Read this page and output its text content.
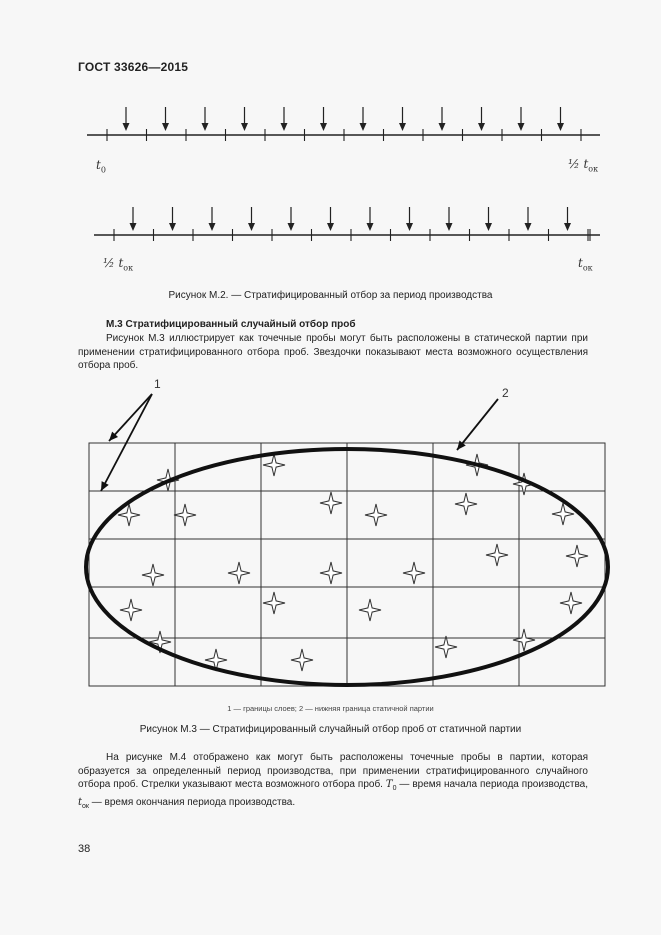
ГОСТ 33626—2015
$t_0$	½ $t_{ок}$
½ $t_{ок}$	$t_{ок}$
Рисунок М.2. — Стратифицированный отбор за период производства
М.3 Стратифицированный случайный отбор проб
Рисунок М.3 иллюстрирует как точечные пробы могут быть расположены в статической партии при применении стратифицированного отбора проб. Звездочки показывают места возможного осуществления отбора проб.
1
2
1 — границы слоев; 2 — нижняя граница статичной партии
Рисунок М.3 — Стратифицированный случайный отбор проб от статичной партии
На рисунке М.4 отображено как могут быть расположены точечные пробы в партии, которая образуется за определенный период производства, при применении стратифицированного случайного отбора проб. Стрелки указывают места возможного отбора проб. $T_0$ — время начала периода производства, $t_{ок}$ — время окончания периода производства.
38
